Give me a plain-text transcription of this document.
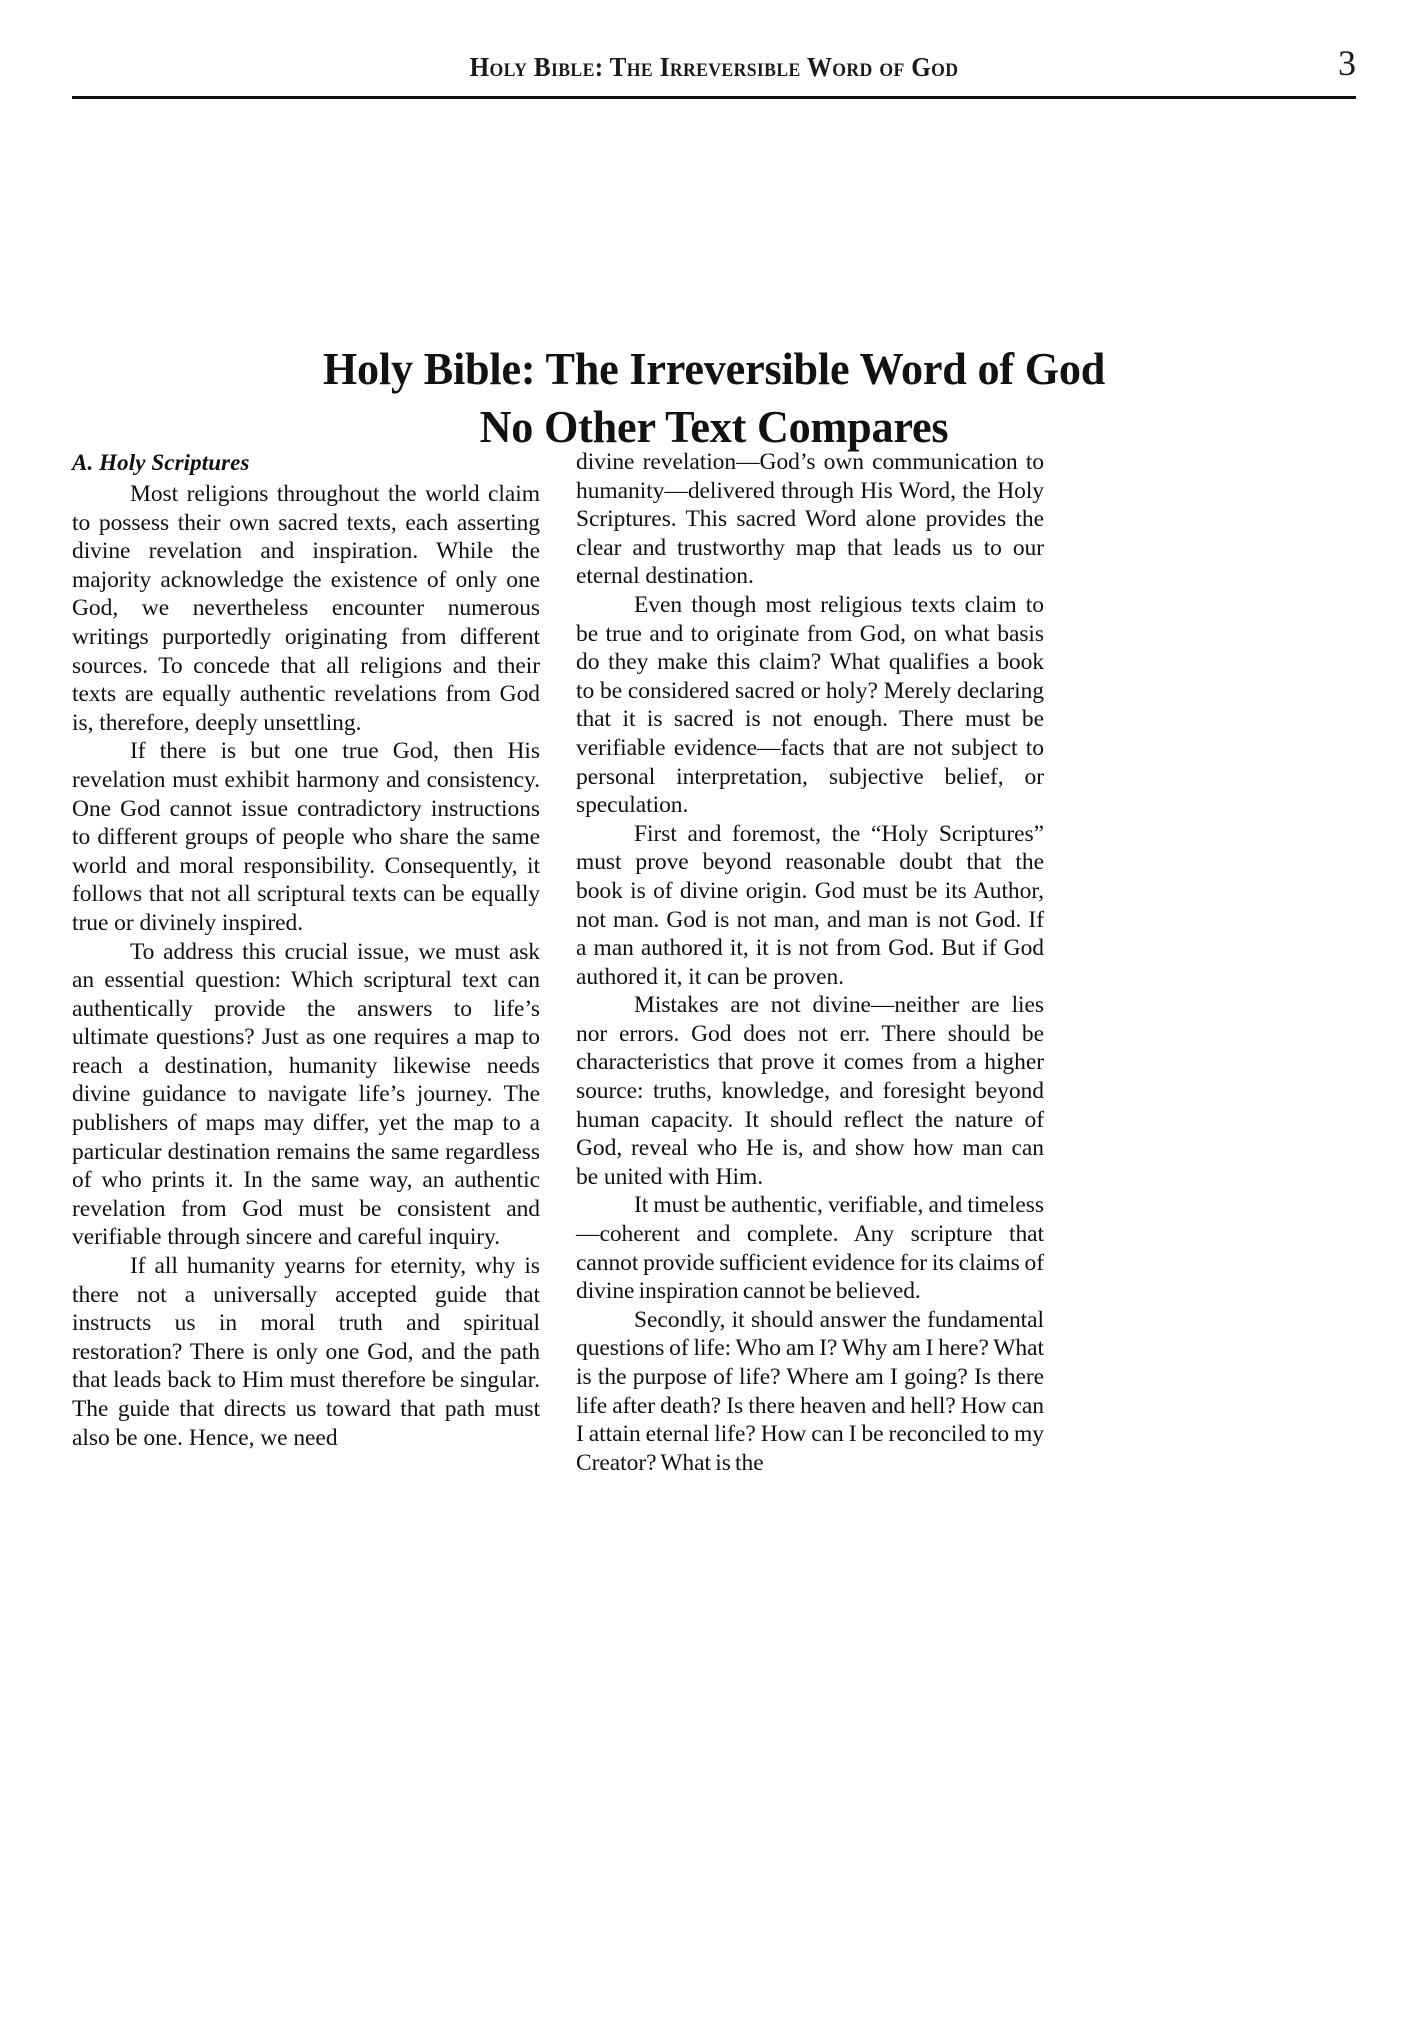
Holy Bible: The Irreversible Word of God	3
Holy Bible: The Irreversible Word of God
No Other Text Compares
A. Holy Scriptures

Most religions throughout the world claim to possess their own sacred texts, each asserting divine revelation and inspiration. While the majority acknowledge the existence of only one God, we nevertheless encounter numerous writings purportedly originating from different sources. To concede that all religions and their texts are equally authentic revelations from God is, therefore, deeply unsettling.

If there is but one true God, then His revelation must exhibit harmony and consistency. One God cannot issue contradictory instructions to different groups of people who share the same world and moral responsibility. Consequently, it follows that not all scriptural texts can be equally true or divinely inspired.

To address this crucial issue, we must ask an essential question: Which scriptural text can authentically provide the answers to life’s ultimate questions? Just as one requires a map to reach a destination, humanity likewise needs divine guidance to navigate life’s journey. The publishers of maps may differ, yet the map to a particular destination remains the same regardless of who prints it. In the same way, an authentic revelation from God must be consistent and verifiable through sincere and careful inquiry.

If all humanity yearns for eternity, why is there not a universally accepted guide that instructs us in moral truth and spiritual restoration? There is only one God, and the path that leads back to Him must therefore be singular. The guide that directs us toward that path must also be one. Hence, we need

divine revelation—God’s own communication to humanity—delivered through His Word, the Holy Scriptures. This sacred Word alone provides the clear and trustworthy map that leads us to our eternal destination.

Even though most religious texts claim to be true and to originate from God, on what basis do they make this claim? What qualifies a book to be considered sacred or holy? Merely declaring that it is sacred is not enough. There must be verifiable evidence—facts that are not subject to personal interpretation, subjective belief, or speculation.

First and foremost, the “Holy Scriptures” must prove beyond reasonable doubt that the book is of divine origin. God must be its Author, not man. God is not man, and man is not God. If a man authored it, it is not from God. But if God authored it, it can be proven.

Mistakes are not divine—neither are lies nor errors. God does not err. There should be characteristics that prove it comes from a higher source: truths, knowledge, and foresight beyond human capacity. It should reflect the nature of God, reveal who He is, and show how man can be united with Him.

It must be authentic, verifiable, and timeless—coherent and complete. Any scripture that cannot provide sufficient evidence for its claims of divine inspiration cannot be believed.

Secondly, it should answer the fundamental questions of life: Who am I? Why am I here? What is the purpose of life? Where am I going? Is there life after death? Is there heaven and hell? How can I attain eternal life? How can I be reconciled to my Creator? What is the
